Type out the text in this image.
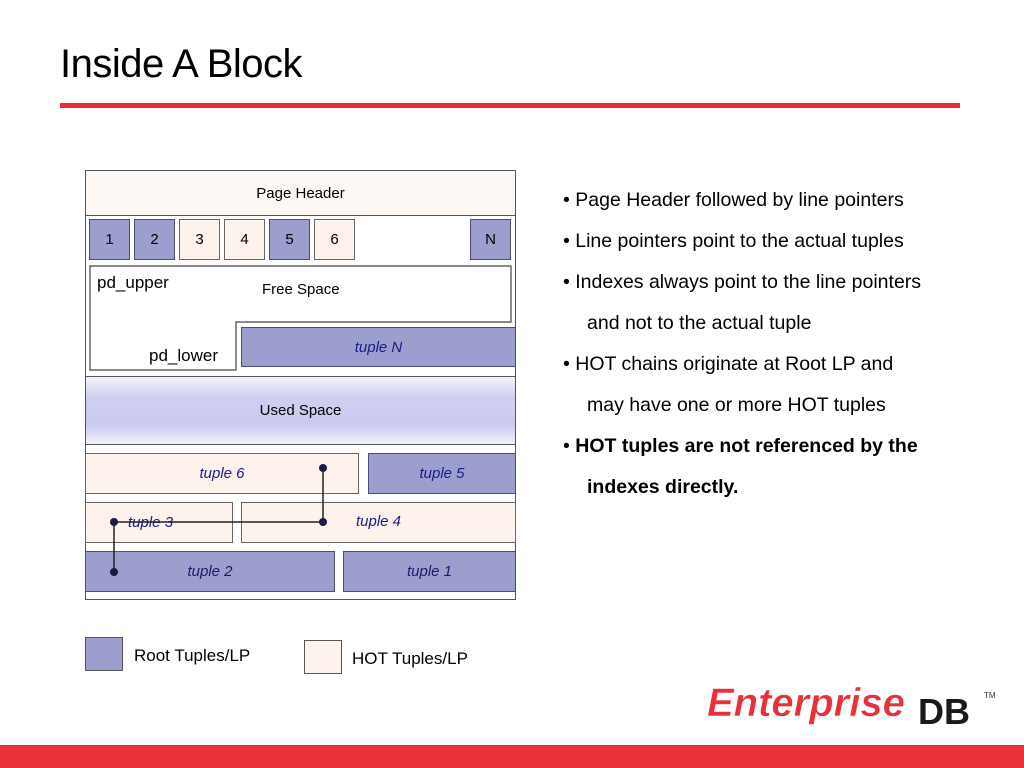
Inside A Block
Page Header
1	2	3	4	5	6	N
Free Space
pd_upper
pd_lower	tuple N
Used Space
tuple 6	tuple 5
tuple 3	tuple 4
tuple 2	tuple 1
Root Tuples/LP	HOT Tuples/LP
• Page Header followed by line pointers
• Line pointers point to the actual tuples
• Indexes always point to the line pointers
and not to the actual tuple
• HOT chains originate at Root LP and
may have one or more HOT tuples
• HOT tuples are not referenced by the
indexes directly.
Enterprise DB TM
